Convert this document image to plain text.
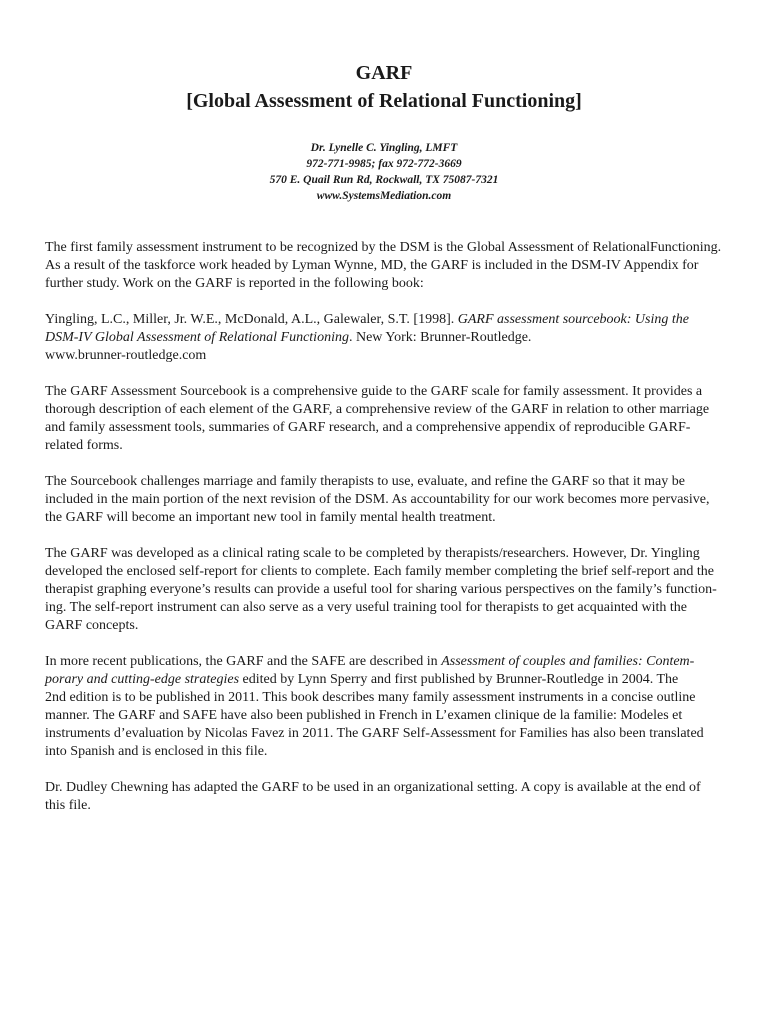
GARF
[Global Assessment of Relational Functioning]
Dr. Lynelle C. Yingling, LMFT
972-771-9985; fax 972-772-3669
570 E. Quail Run Rd, Rockwall, TX 75087-7321
www.SystemsMediation.com
The first family assessment instrument to be recognized by the DSM is the Global Assessment of RelationalFunctioning.
As a result of the taskforce work headed by Lyman Wynne, MD, the GARF is included in the DSM-IV Appendix for
further study. Work on the GARF is reported in the following book:
Yingling, L.C., Miller, Jr. W.E., McDonald, A.L., Galewaler, S.T. [1998]. GARF assessment sourcebook: Using the
DSM-IV Global Assessment of Relational Functioning. New York: Brunner-Routledge.
www.brunner-routledge.com
The GARF Assessment Sourcebook is a comprehensive guide to the GARF scale for family assessment. It provides a
thorough description of each element of the GARF, a comprehensive review of the GARF in relation to other marriage
and family assessment tools, summaries of GARF research, and a comprehensive appendix of reproducible GARF-
related forms.
The Sourcebook challenges marriage and family therapists to use, evaluate, and refine the GARF so that it may be
included in the main portion of the next revision of the DSM. As accountability for our work becomes more pervasive,
the GARF will become an important new tool in family mental health treatment.
The GARF was developed as a clinical rating scale to be completed by therapists/researchers. However, Dr. Yingling
developed the enclosed self-report for clients to complete. Each family member completing the brief self-report and the
therapist graphing everyone’s results can provide a useful tool for sharing various perspectives on the family’s function-
ing. The self-report instrument can also serve as a very useful training tool for therapists to get acquainted with the
GARF concepts.
In more recent publications, the GARF and the SAFE are described in Assessment of couples and families: Contem-
porary and cutting-edge strategies edited by Lynn Sperry and first published by Brunner-Routledge in 2004. The
2nd edition is to be published in 2011. This book describes many family assessment instruments in a concise outline
manner. The GARF and SAFE have also been published in French in L’examen clinique de la familie: Modeles et
instruments d’evaluation by Nicolas Favez in 2011. The GARF Self-Assessment for Families has also been translated
into Spanish and is enclosed in this file.
Dr. Dudley Chewning has adapted the GARF to be used in an organizational setting. A copy is available at the end of
this file.
